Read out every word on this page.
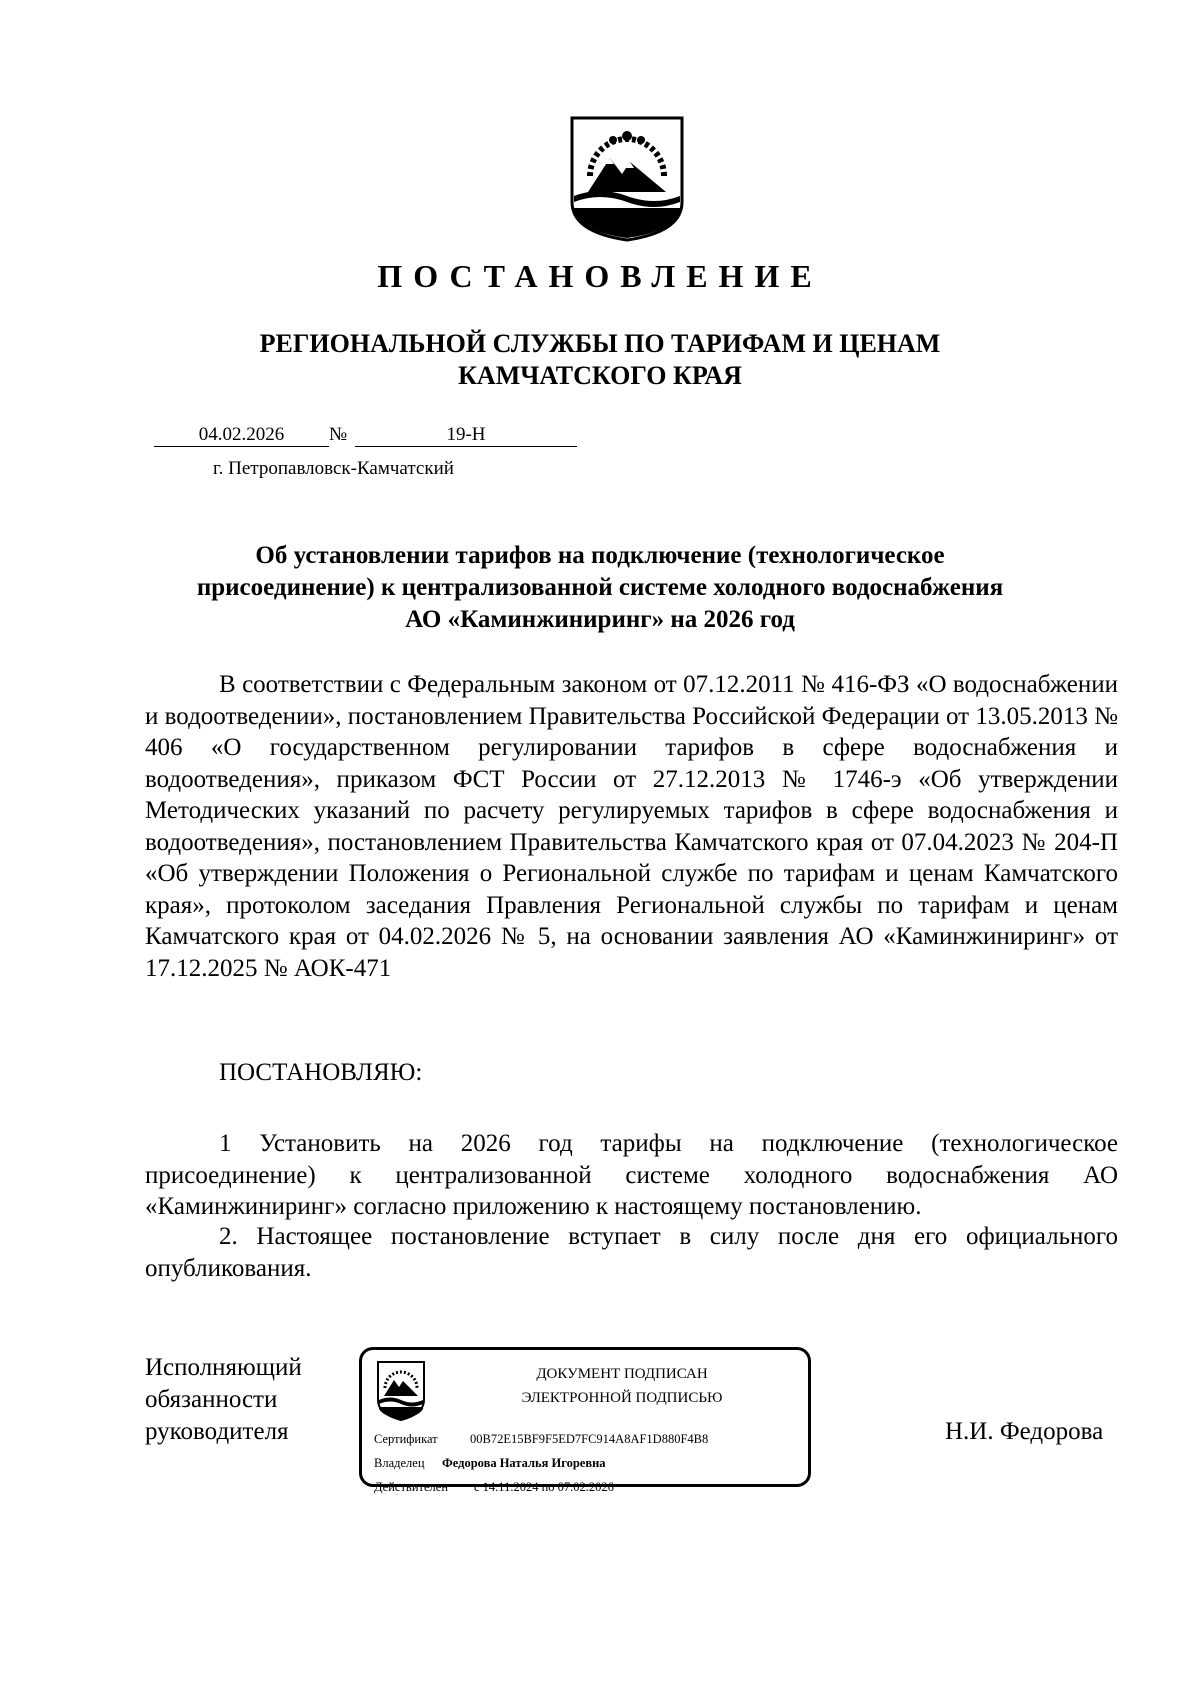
ПОСТАНОВЛЕНИЕ
РЕГИОНАЛЬНОЙ СЛУЖБЫ ПО ТАРИФАМ И ЦЕНАМ
КАМЧАТСКОГО КРАЯ
04.02.2026	№	19-Н
г. Петропавловск-Камчатский
Об установлении тарифов на подключение (технологическое
присоединение) к централизованной системе холодного водоснабжения
АО «Каминжиниринг» на 2026 год

В соответствии с Федеральным законом от 07.12.2011 № 416-ФЗ «О водоснабжении и водоотведении», постановлением Правительства Российской Федерации от 13.05.2013 № 406 «О государственном регулировании тарифов в сфере водоснабжения и водоотведения», приказом ФСТ России от 27.12.2013 № 1746-э «Об утверждении Методических указаний по расчету регулируемых тарифов в сфере водоснабжения и водоотведения», постановлением Правительства Камчатского края от 07.04.2023 № 204-П «Об утверждении Положения о Региональной службе по тарифам и ценам Камчатского края», протоколом заседания Правления Региональной службы по тарифам и ценам Камчатского края от 04.02.2026 № 5, на основании заявления АО «Каминжиниринг» от 17.12.2025 № АОК-471

ПОСТАНОВЛЯЮ:

1 Установить на 2026 год тарифы на подключение (технологическое присоединение) к централизованной системе холодного водоснабжения АО «Каминжиниринг» согласно приложению к настоящему постановлению.

2. Настоящее постановление вступает в силу после дня его официального опубликования.

Исполняющий
обязанности
руководителя
ДОКУМЕНТ ПОДПИСАН
ЭЛЕКТРОННОЙ ПОДПИСЬЮ
Сертификат	00B72E15BF9F5ED7FC914A8AF1D880F4B8
Владелец Федорова Наталья Игоревна
Действителен с 14.11.2024 по 07.02.2026
Н.И. Федорова
